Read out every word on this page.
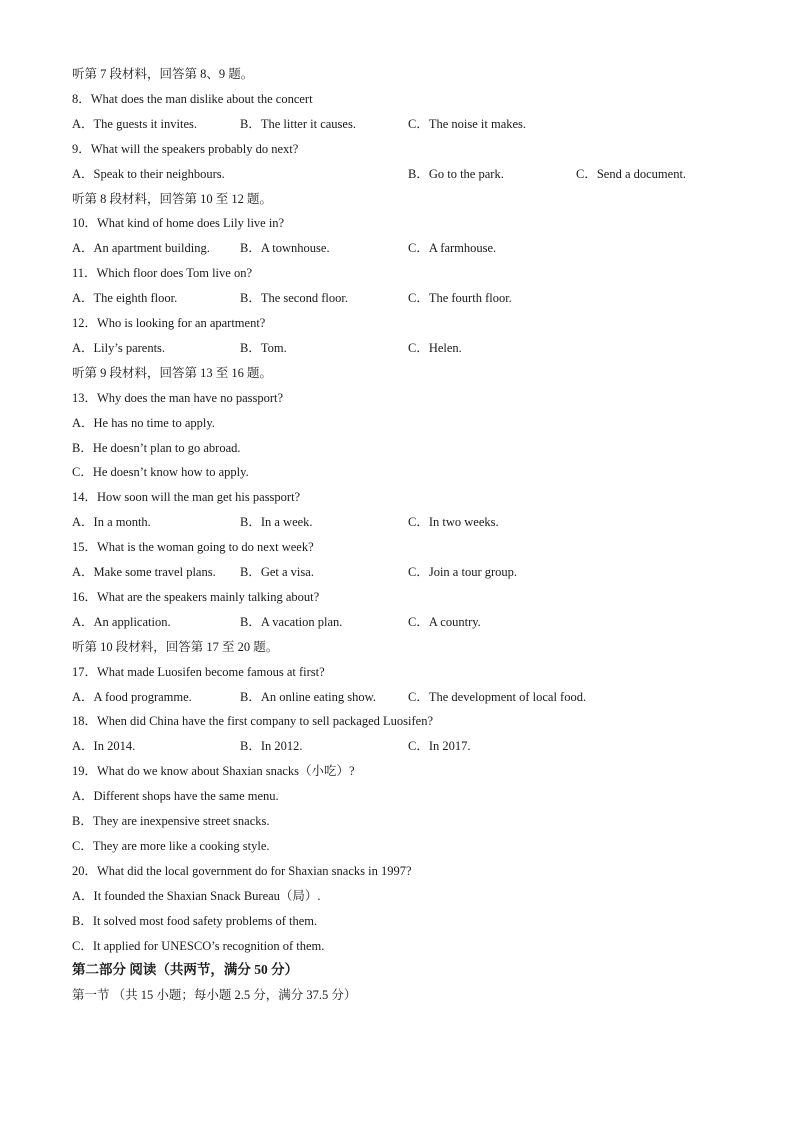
听第 7 段材料，回答第 8、9 题。
8．What does the man dislike about the concert
A．The guests it invites.	B．The litter it causes.	C．The noise it makes.
9．What will the speakers probably do next?
A．Speak to their neighbours.	B．Go to the park.	C．Send a document.
听第 8 段材料，回答第 10 至 12 题。
10．What kind of home does Lily live in?
A．An apartment building. B．A townhouse.	C．A farmhouse.
11．Which floor does Tom live on?
A．The eighth floor.	B．The second floor.	C．The fourth floor.
12．Who is looking for an apartment?
A．Lily’s parents.	B．Tom.	C．Helen.
听第 9 段材料，回答第 13 至 16 题。
13．Why does the man have no passport?
A．He has no time to apply.
B．He doesn’t plan to go abroad.
C．He doesn’t know how to apply.
14．How soon will the man get his passport?
A．In a month.	B．In a week.	C．In two weeks.
15．What is the woman going to do next week?
A．Make some travel plans. B．Get a visa.	C．Join a tour group.
16．What are the speakers mainly talking about?
A．An application.	B．A vacation plan.	C．A country.
听第 10 段材料，回答第 17 至 20 题。
17．What made Luosifen become famous at first?
A．A food programme.	B．An online eating show.	C．The development of local food.
18．When did China have the first company to sell packaged Luosifen?
A．In 2014.	B．In 2012.	C．In 2017.
19．What do we know about Shaxian snacks（小吃）?
A．Different shops have the same menu.
B．They are inexpensive street snacks.
C．They are more like a cooking style.
20．What did the local government do for Shaxian snacks in 1997?
A．It founded the Shaxian Snack Bureau（局）.
B．It solved most food safety problems of them.
C．It applied for UNESCO’s recognition of them.
第二部分 阅读（共两节，满分 50 分）
第一节 （共 15 小题；每小题 2.5 分，满分 37.5 分）
